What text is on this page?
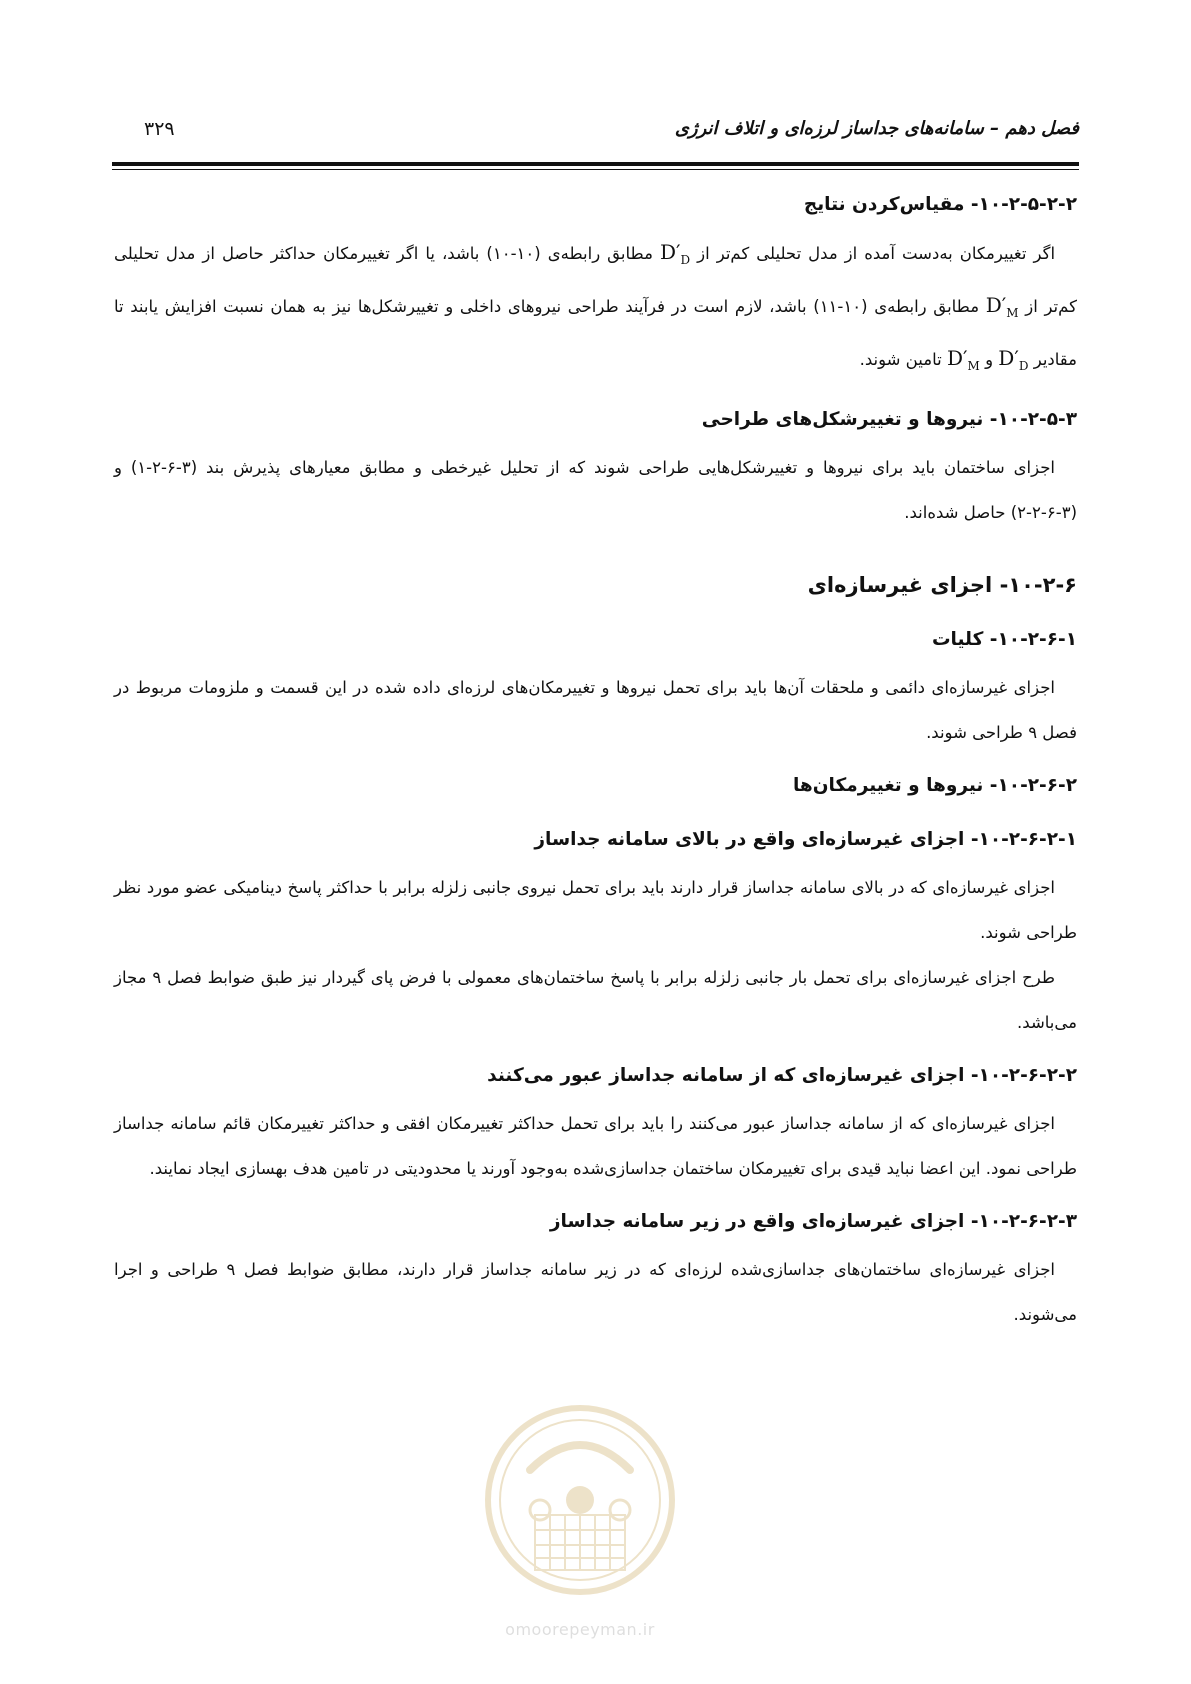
فصل دهم – سامانه‌های جداساز لرزه‌ای و اتلاف انرژی
۳۲۹
۱۰-۲-۵-۲-۲- مقیاس‌کردن نتایج

اگر تغییرمکان به‌دست آمده از مدل تحلیلی کم‌تر از $D'_D$ مطابق رابطه‌ی (۱۰-۱۰) باشد، یا اگر تغییرمکان حداکثر حاصل از مدل تحلیلی کم‌تر از $D'_M$ مطابق رابطه‌ی (۱۰-۱۱) باشد، لازم است در فرآیند طراحی نیروهای داخلی و تغییرشکل‌ها نیز به همان نسبت افزایش یابند تا مقادیر $D'_D$ و $D'_M$ تامین شوند.

۱۰-۲-۵-۳- نیروها و تغییرشکل‌های طراحی

اجزای ساختمان باید برای نیروها و تغییرشکل‌هایی طراحی شوند که از تحلیل غیرخطی و مطابق معیارهای پذیرش بند (۳-۶-۲-۱) و (۳-۶-۲-۲) حاصل شده‌اند.

۱۰-۲-۶- اجزای غیرسازه‌ای
۱۰-۲-۶-۱- کلیات

اجزای غیرسازه‌ای دائمی و ملحقات آن‌ها باید برای تحمل نیروها و تغییرمکان‌های لرزه‌ای داده شده در این قسمت و ملزومات مربوط در فصل ۹ طراحی شوند.

۱۰-۲-۶-۲- نیروها و تغییرمکان‌ها
۱۰-۲-۶-۲-۱- اجزای غیرسازه‌ای واقع در بالای سامانه جداساز

اجزای غیرسازه‌ای که در بالای سامانه جداساز قرار دارند باید برای تحمل نیروی جانبی زلزله برابر با حداکثر پاسخ دینامیکی عضو مورد نظر طراحی شوند.

طرح اجزای غیرسازه‌ای برای تحمل بار جانبی زلزله برابر با پاسخ ساختمان‌های معمولی با فرض پای گیردار نیز طبق ضوابط فصل ۹ مجاز می‌باشد.

۱۰-۲-۶-۲-۲- اجزای غیرسازه‌ای که از سامانه جداساز عبور می‌کنند

اجزای غیرسازه‌ای که از سامانه جداساز عبور می‌کنند را باید برای تحمل حداکثر تغییرمکان افقی و حداکثر تغییرمکان قائم سامانه جداساز طراحی نمود. این اعضا نباید قیدی برای تغییرمکان ساختمان جداسازی‌شده به‌وجود آورند یا محدودیتی در تامین هدف بهسازی ایجاد نمایند.

۱۰-۲-۶-۲-۳- اجزای غیرسازه‌ای واقع در زیر سامانه جداساز

اجزای غیرسازه‌ای ساختمان‌های جداسازی‌شده لرزه‌ای که در زیر سامانه جداساز قرار دارند، مطابق ضوابط فصل ۹ طراحی و اجرا می‌شوند.

omoorepeyman.ir
